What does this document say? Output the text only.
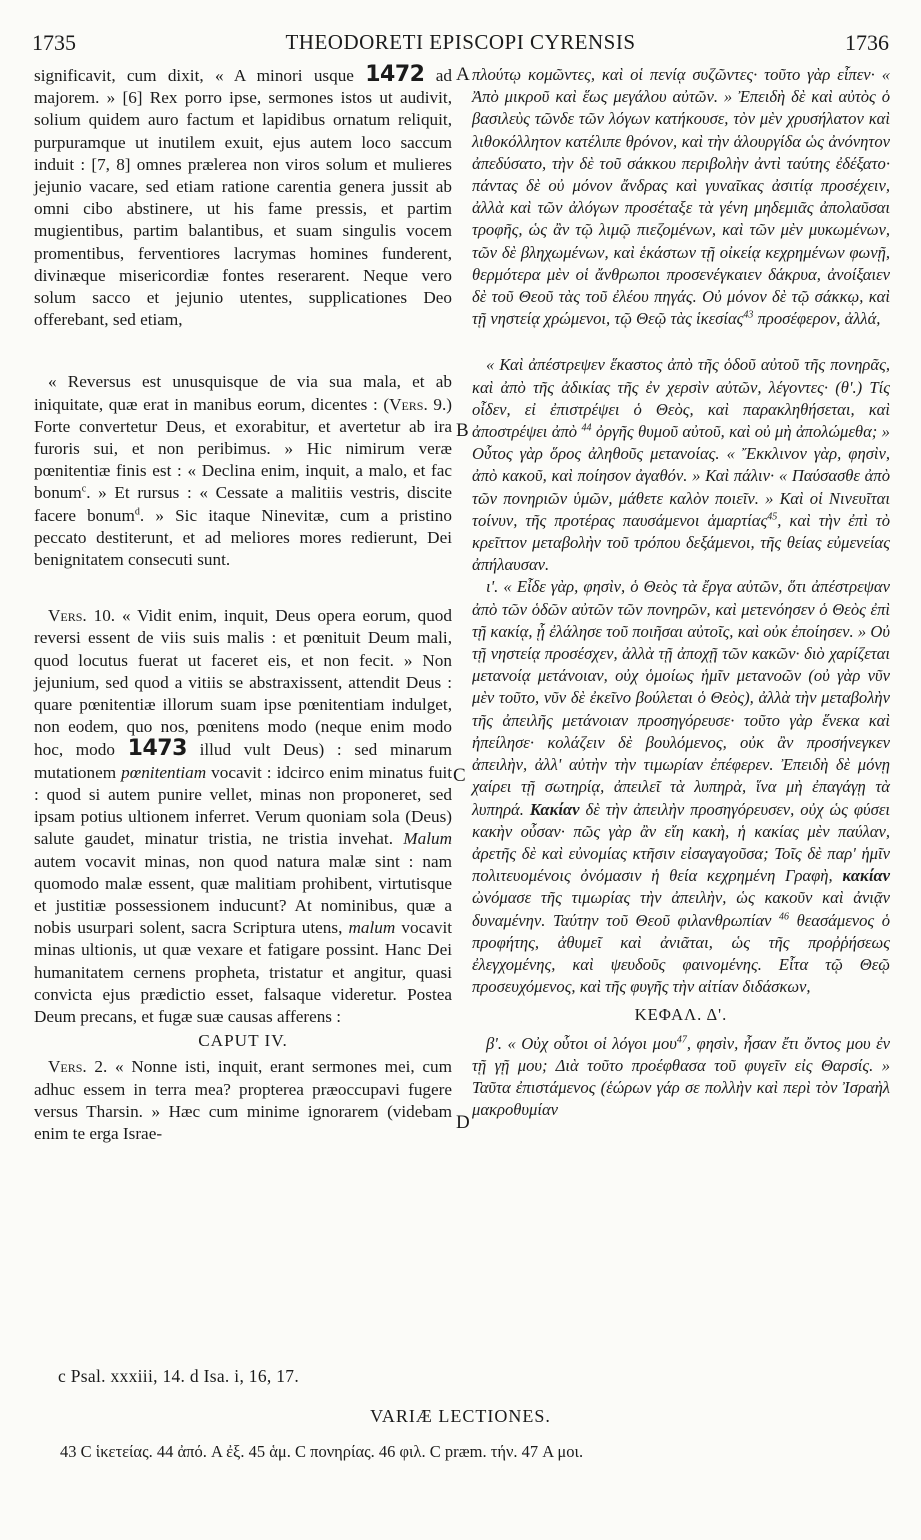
1735	THEODORETI EPISCOPI CYRENSIS	1736
A
B
C
D

significavit, cum dixit, « A minori usque 1472 ad majorem. » [6] Rex porro ipse, sermones istos ut audivit, solium quidem auro factum et lapidibus ornatum reliquit, purpuramque ut inutilem exuit, ejus autem loco saccum induit : [7, 8] omnes prælerea non viros solum et mulieres jejunio vacare, sed etiam ratione carentia genera jussit ab omni cibo abstinere, ut his fame pressis, et partim mugientibus, partim balantibus, et suam singulis vocem promentibus, ferventiores lacrymas homines funderent, divinæque misericordiæ fontes reserarent. Neque vero solum sacco et jejunio utentes, supplicationes Deo offerebant, sed etiam,

« Reversus est unusquisque de via sua mala, et ab iniquitate, quæ erat in manibus eorum, dicentes : (Vers. 9.) Forte convertetur Deus, et exorabitur, et avertetur ab ira furoris sui, et non peribimus. » Hic nimirum veræ pœnitentiæ finis est : « Declina enim, inquit, a malo, et fac bonum$^c$. » Et rursus : « Cessate a malitiis vestris, discite facere bonum$^d$. » Sic itaque Ninevitæ, cum a pristino peccato destiterunt, et ad meliores mores redierunt, Dei benignitatem consecuti sunt.

Vers. 10. « Vidit enim, inquit, Deus opera eorum, quod reversi essent de viis suis malis : et pœnituit Deum mali, quod locutus fuerat ut faceret eis, et non fecit. » Non jejunium, sed quod a vitiis se abstraxissent, attendit Deus : quare pœnitentiæ illorum suam ipse pœnitentiam indulget, non eodem, quo nos, pœnitens modo (neque enim modo hoc, modo 1473 illud vult Deus) : sed minarum mutationem pœnitentiam vocavit : idcirco enim minatus fuit : quod si autem punire vellet, minas non proponeret, sed ipsam potius ultionem inferret. Verum quoniam sola (Deus) salute gaudet, minatur tristia, ne tristia invehat. Malum autem vocavit minas, non quod natura malæ sint : nam quomodo malæ essent, quæ malitiam prohibent, virtutisque et justitiæ possessionem inducunt? At nominibus, quæ a nobis usurpari solent, sacra Scriptura utens, malum vocavit minas ultionis, ut quæ vexare et fatigare possint. Hanc Dei humanitatem cernens propheta, tristatur et angitur, quasi convicta ejus prædictio esset, falsaque videretur. Postea Deum precans, et fugæ suæ causas afferens :

CAPUT IV.

Vers. 2. « Nonne isti, inquit, erant sermones mei, cum adhuc essem in terra mea? propterea præoccupavi fugere versus Tharsin. » Hæc cum minime ignorarem (videbam enim te erga Israe-

πλούτῳ κομῶντες, καὶ οἱ πενίᾳ συζῶντες· τοῦτο γὰρ εἶπεν· « Ἀπὸ μικροῦ καὶ ἕως μεγάλου αὐτῶν. » Ἐπειδὴ δὲ καὶ αὐτὸς ὁ βασιλεὺς τῶνδε τῶν λόγων κατήκουσε, τὸν μὲν χρυσήλατον καὶ λιθοκόλλητον κατέλιπε θρόνον, καὶ τὴν ἁλουργίδα ὡς ἀνόνητον ἀπεδύσατο, τὴν δὲ τοῦ σάκκου περιβολὴν ἀντὶ ταύτης ἐδέξατο· πάντας δὲ οὐ μόνον ἄνδρας καὶ γυναῖκας ἀσιτίᾳ προσέχειν, ἀλλὰ καὶ τῶν ἀλόγων προσέταξε τὰ γένη μηδεμιᾶς ἀπολαῦσαι τροφῆς, ὡς ἂν τῷ λιμῷ πιεζομένων, καὶ τῶν μὲν μυκωμένων, τῶν δὲ βληχωμένων, καὶ ἑκάστων τῇ οἰκείᾳ κεχρημένων φωνῇ, θερμότερα μὲν οἱ ἄνθρωποι προσενέγκαιεν δάκρυα, ἀνοίξαιεν δὲ τοῦ Θεοῦ τὰς τοῦ ἐλέου πηγάς. Οὐ μόνον δὲ τῷ σάκκῳ, καὶ τῇ νηστείᾳ χρώμενοι, τῷ Θεῷ τὰς ἱκεσίας$^{43}$ προσέφερον, ἀλλά,

« Καὶ ἀπέστρεψεν ἕκαστος ἀπὸ τῆς ὁδοῦ αὐτοῦ τῆς πονηρᾶς, καὶ ἀπὸ τῆς ἀδικίας τῆς ἐν χερσὶν αὐτῶν, λέγοντες· (θ'.) Τίς οἶδεν, εἰ ἐπιστρέψει ὁ Θεὸς, καὶ παρακληθήσεται, καὶ ἀποστρέψει ἀπὸ $^{44}$ ὀργῆς θυμοῦ αὐτοῦ, καὶ οὐ μὴ ἀπολώμεθα; » Οὗτος γὰρ ὅρος ἀληθοῦς μετανοίας. « Ἔκκλινον γὰρ, φησὶν, ἀπὸ κακοῦ, καὶ ποίησον ἀγαθόν. » Καὶ πάλιν· « Παύσασθε ἀπὸ τῶν πονηριῶν ὑμῶν, μάθετε καλὸν ποιεῖν. » Καὶ οἱ Νινευῖται τοίνυν, τῆς προτέρας παυσάμενοι ἁμαρτίας$^{45}$, καὶ τὴν ἐπὶ τὸ κρεῖττον μεταβολὴν τοῦ τρόπου δεξάμενοι, τῆς θείας εὐμενείας ἀπήλαυσαν.

ι'. « Εἶδε γὰρ, φησὶν, ὁ Θεὸς τὰ ἔργα αὐτῶν, ὅτι ἀπέστρεψαν ἀπὸ τῶν ὁδῶν αὐτῶν τῶν πονηρῶν, καὶ μετενόησεν ὁ Θεὸς ἐπὶ τῇ κακίᾳ, ᾗ ἐλάλησε τοῦ ποιῆσαι αὐτοῖς, καὶ οὐκ ἐποίησεν. » Οὐ τῇ νηστείᾳ προσέσχεν, ἀλλὰ τῇ ἀποχῇ τῶν κακῶν· διὸ χαρίζεται μετανοίᾳ μετάνοιαν, οὐχ ὁμοίως ἡμῖν μετανοῶν (οὐ γὰρ νῦν μὲν τοῦτο, νῦν δὲ ἐκεῖνο βούλεται ὁ Θεὸς), ἀλλὰ τὴν μεταβολὴν τῆς ἀπειλῆς μετάνοιαν προσηγόρευσε· τοῦτο γὰρ ἕνεκα καὶ ἠπείλησε· κολάζειν δὲ βουλόμενος, οὐκ ἂν προσήνεγκεν ἀπειλὴν, ἀλλ' αὐτὴν τὴν τιμωρίαν ἐπέφερεν. Ἐπειδὴ δὲ μόνῃ χαίρει τῇ σωτηρίᾳ, ἀπειλεῖ τὰ λυπηρὰ, ἵνα μὴ ἐπαγάγῃ τὰ λυπηρά. Κακίαν δὲ τὴν ἀπειλὴν προσηγόρευσεν, οὐχ ὡς φύσει κακὴν οὖσαν· πῶς γὰρ ἂν εἴη κακὴ, ἡ κακίας μὲν παύλαν, ἀρετῆς δὲ καὶ εὐνομίας κτῆσιν εἰσαγαγοῦσα; Τοῖς δὲ παρ' ἡμῖν πολιτευομένοις ὀνόμασιν ἡ θεία κεχρημένη Γραφὴ, κακίαν ὠνόμασε τῆς τιμωρίας τὴν ἀπειλὴν, ὡς κακοῦν καὶ ἀνιᾷν δυναμένην. Ταύτην τοῦ Θεοῦ φιλανθρωπίαν $^{46}$ θεασάμενος ὁ προφήτης, ἀθυμεῖ καὶ ἀνιᾶται, ὡς τῆς προῤῥήσεως ἐλεγχομένης, καὶ ψευδοῦς φαινομένης. Εἶτα τῷ Θεῷ προσευχόμενος, καὶ τῆς φυγῆς τὴν αἰτίαν διδάσκων,

ΚΕΦΑΛ. Δ'.

β'. « Οὐχ οὗτοι οἱ λόγοι μου$^{47}$, φησὶν, ἦσαν ἔτι ὄντος μου ἐν τῇ γῇ μου; Διὰ τοῦτο προέφθασα τοῦ φυγεῖν εἰς Θαρσίς. » Ταῦτα ἐπιστάμενος (ἑώρων γάρ σε πολλὴν καὶ περὶ τὸν Ἰσραὴλ μακροθυμίαν

c Psal. xxxiii, 14. d Isa. i, 16, 17.
VARIÆ LECTIONES.
43 C ἱκετείας. 44 ἀπό. A ἐξ. 45 ἁμ. C πονηρίας. 46 φιλ. C præm. τήν. 47 A μοι.
